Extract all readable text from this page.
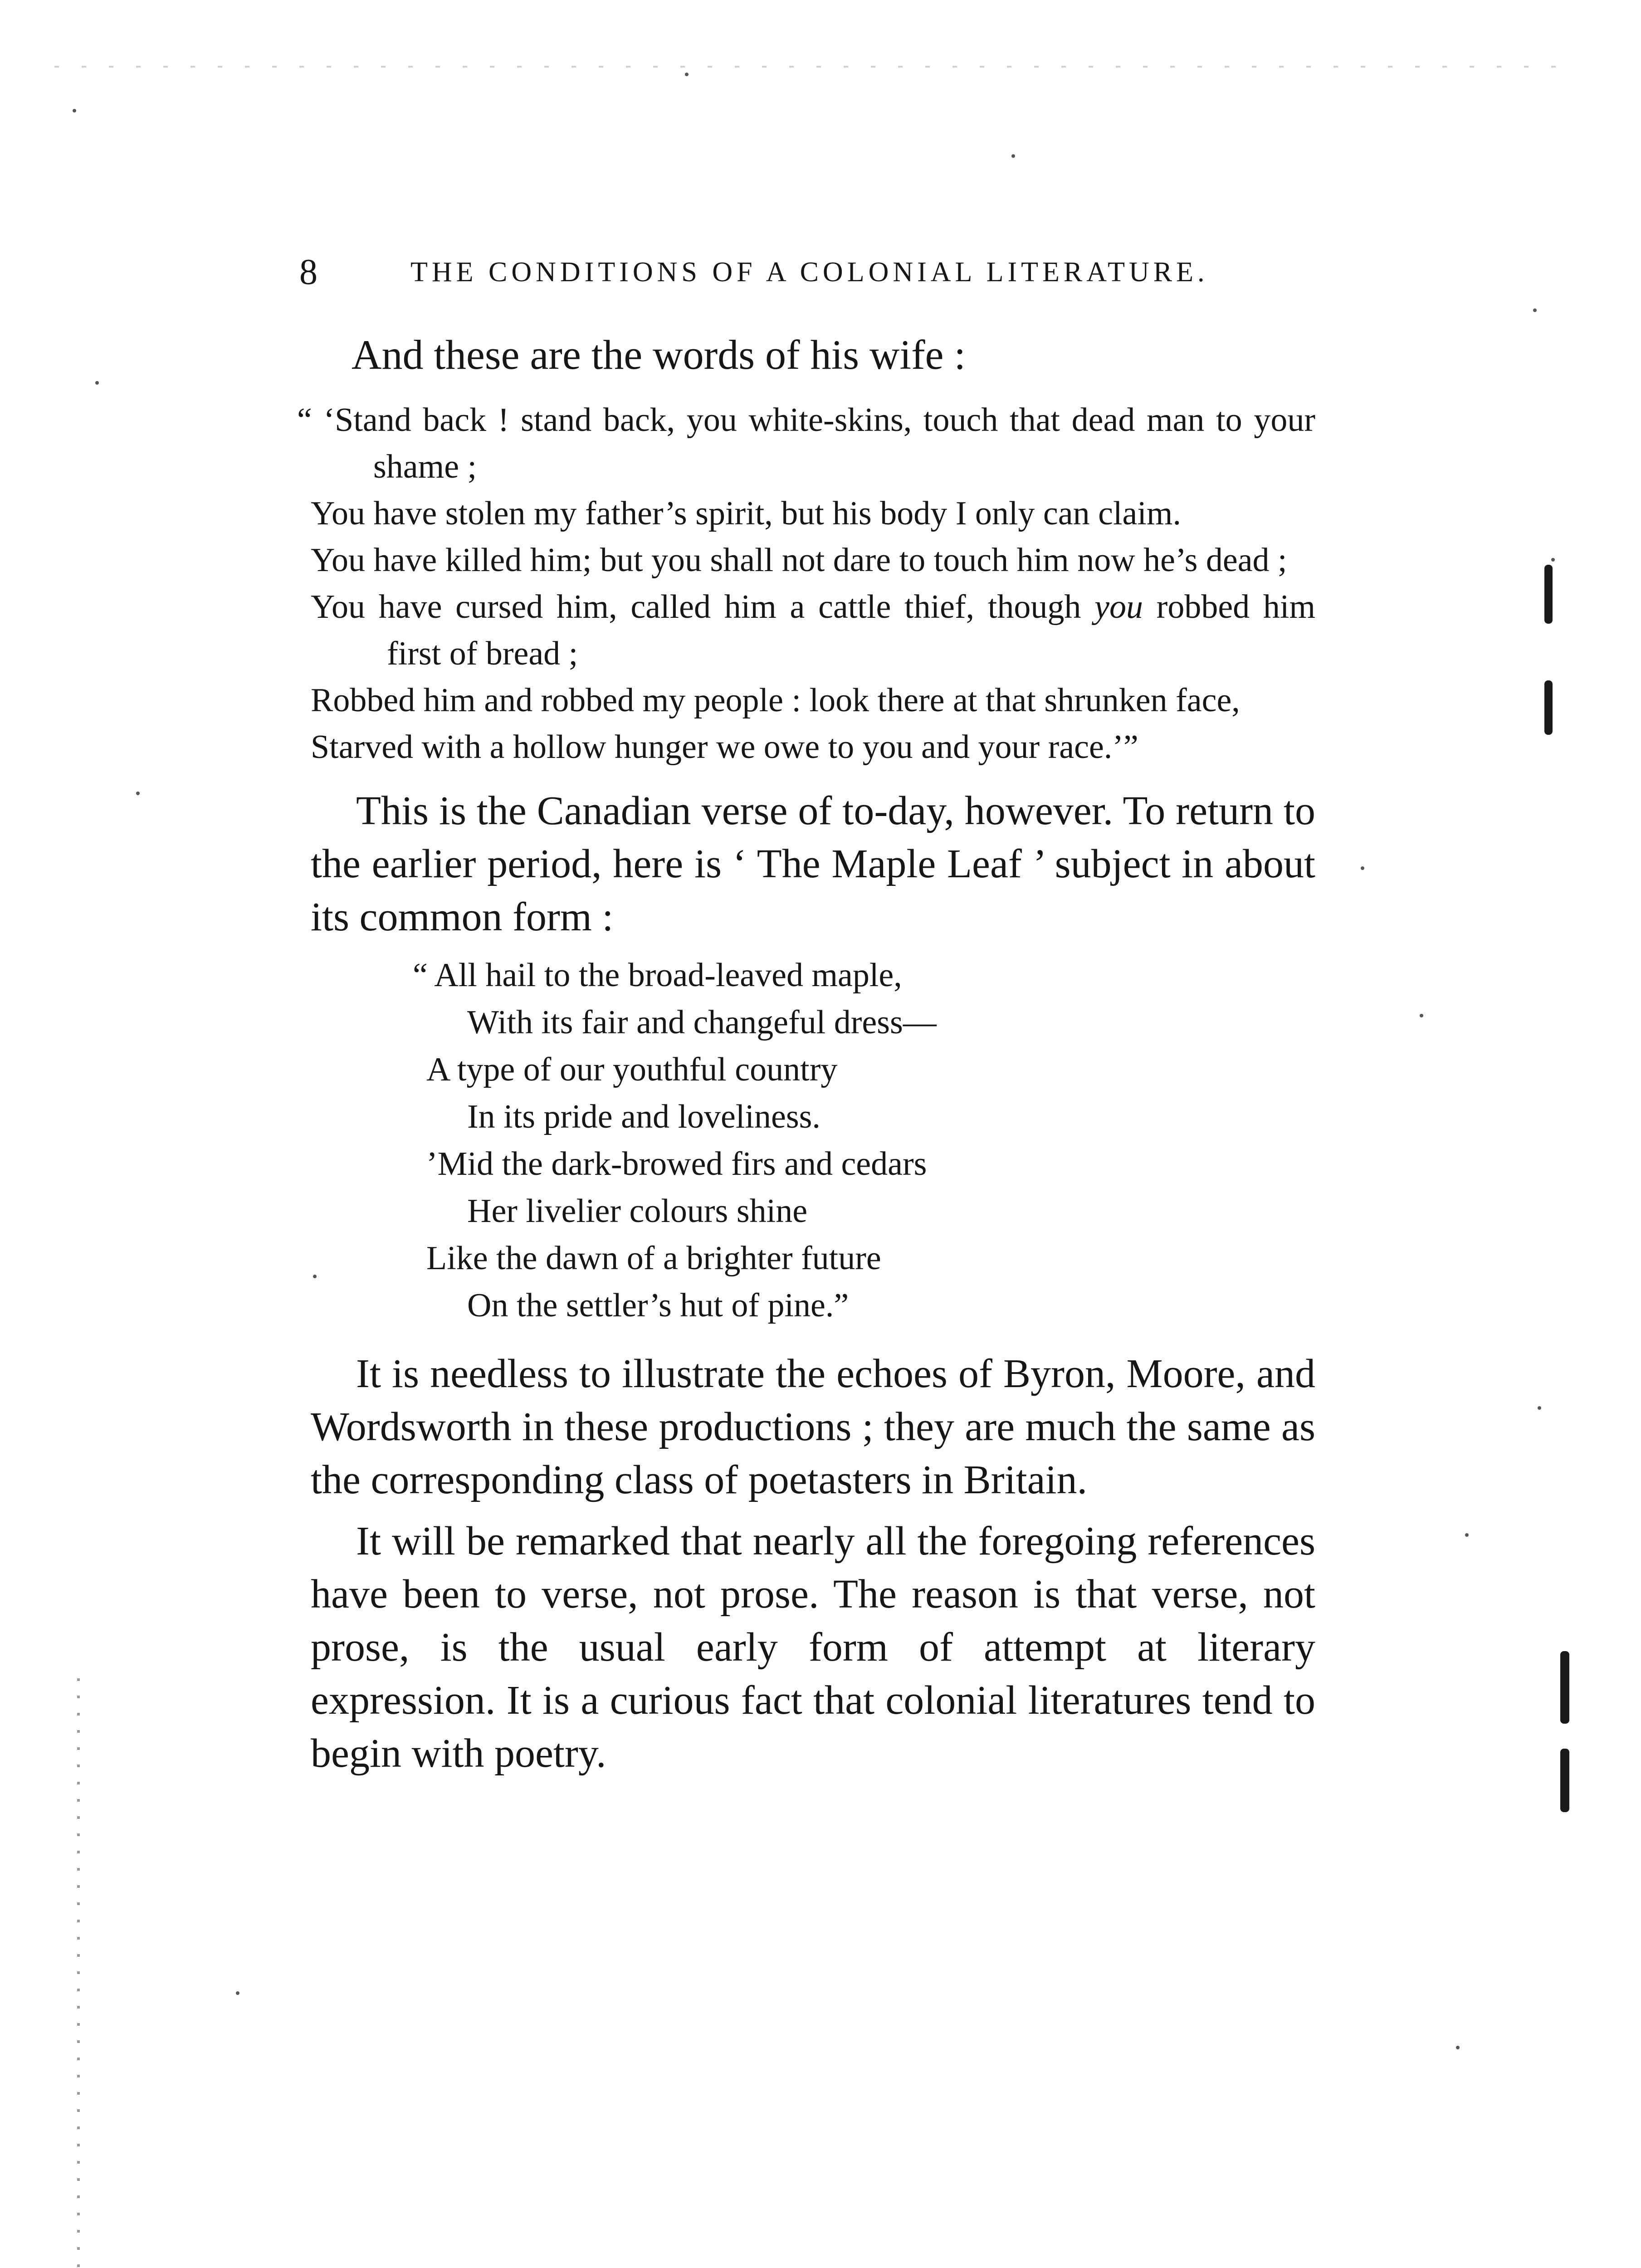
8	THE CONDITIONS OF A COLONIAL LITERATURE.

And these are the words of his wife :

“ ‘Stand back ! stand back, you white-skins, touch that dead man to your shame ;

You have stolen my father’s spirit, but his body I only can claim.

You have killed him; but you shall not dare to touch him now he’s dead ;

You have cursed him, called him a cattle thief, though you robbed him first of bread ;

Robbed him and robbed my people : look there at that shrunken face,

Starved with a hollow hunger we owe to you and your race.’”

This is the Canadian verse of to-day, however. To return to the earlier period, here is ‘ The Maple Leaf ’ subject in about its common form :

“ All hail to the broad-leaved maple,

With its fair and changeful dress—

A type of our youthful country

In its pride and loveliness.

’Mid the dark-browed firs and cedars

Her livelier colours shine

Like the dawn of a brighter future

On the settler’s hut of pine.”

It is needless to illustrate the echoes of Byron, Moore, and Wordsworth in these productions ; they are much the same as the corresponding class of poetasters in Britain.

It will be remarked that nearly all the foregoing references have been to verse, not prose. The reason is that verse, not prose, is the usual early form of attempt at literary expression. It is a curious fact that colonial literatures tend to begin with poetry.
